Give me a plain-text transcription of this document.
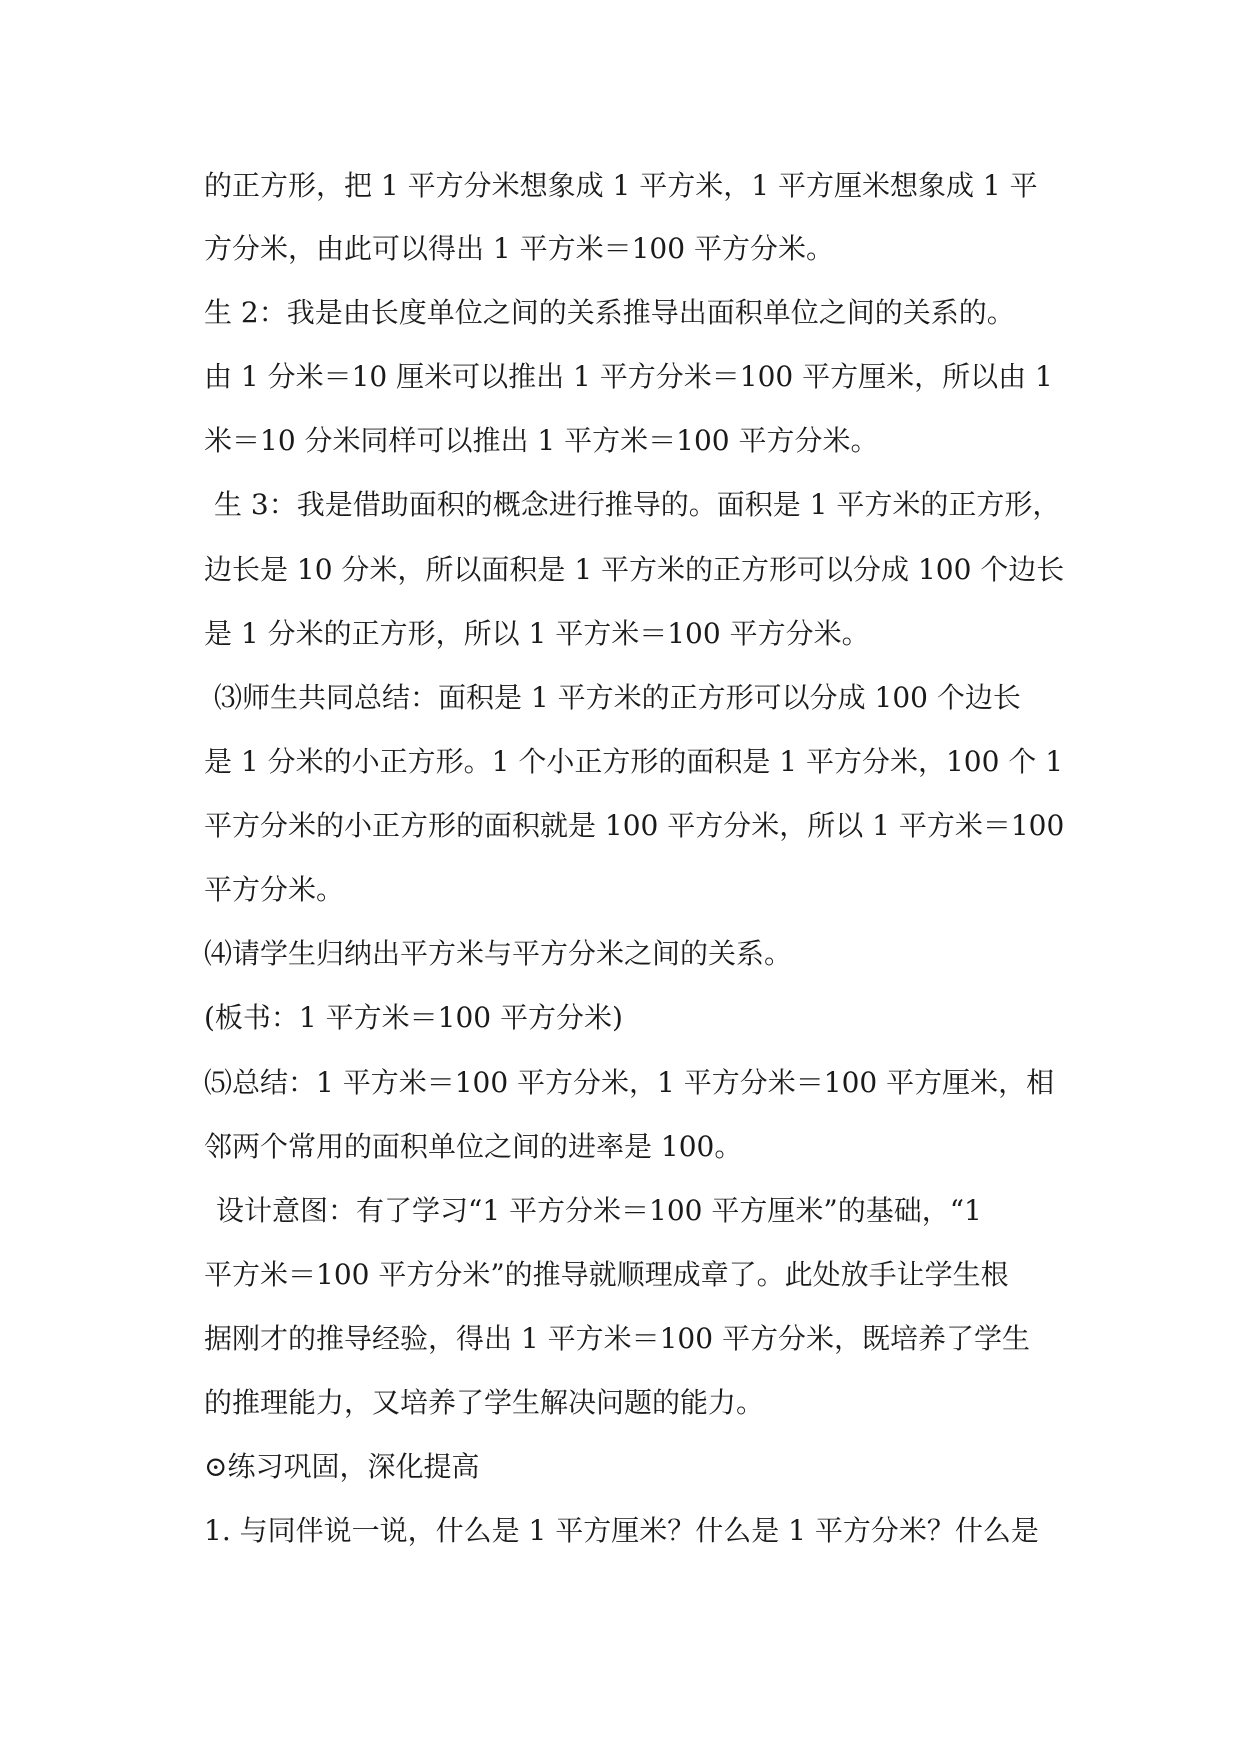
的正方形，把 1 平方分米想象成 1 平方米，1 平方厘米想象成 1 平

方分米，由此可以得出 1 平方米＝100 平方分米。

生 2：我是由长度单位之间的关系推导出面积单位之间的关系的。

由 1 分米＝10 厘米可以推出 1 平方分米＝100 平方厘米，所以由 1

米＝10 分米同样可以推出 1 平方米＝100 平方分米。

生 3：我是借助面积的概念进行推导的。面积是 1 平方米的正方形，

边长是 10 分米，所以面积是 1 平方米的正方形可以分成 100 个边长

是 1 分米的正方形，所以 1 平方米＝100 平方分米。

⑶师生共同总结：面积是 1 平方米的正方形可以分成 100 个边长

是 1 分米的小正方形。1 个小正方形的面积是 1 平方分米，100 个 1

平方分米的小正方形的面积就是 100 平方分米，所以 1 平方米＝100

平方分米。

⑷请学生归纳出平方米与平方分米之间的关系。

(板书：1 平方米＝100 平方分米)

⑸总结：1 平方米＝100 平方分米，1 平方分米＝100 平方厘米，相

邻两个常用的面积单位之间的进率是 100。

设计意图：有了学习“1 平方分米＝100 平方厘米”的基础，“1

平方米＝100 平方分米”的推导就顺理成章了。此处放手让学生根

据刚才的推导经验，得出 1 平方米＝100 平方分米，既培养了学生

的推理能力，又培养了学生解决问题的能力。

⊙练习巩固，深化提高

1. 与同伴说一说，什么是 1 平方厘米？什么是 1 平方分米？什么是
